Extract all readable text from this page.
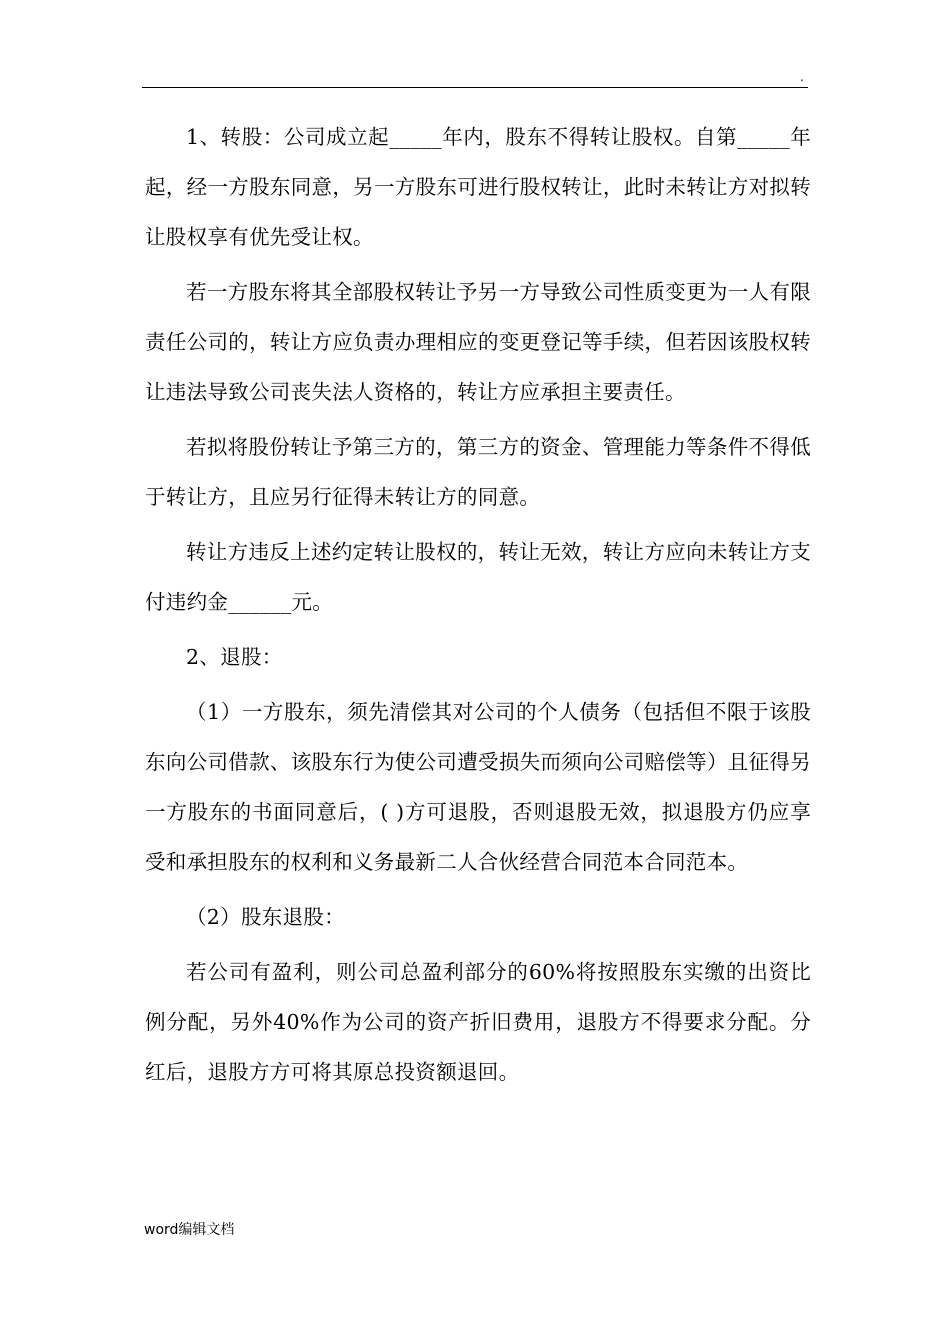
.

1、转股：公司成立起_____年内，股东不得转让股权。自第_____年起，经一方股东同意，另一方股东可进行股权转让，此时未转让方对拟转让股权享有优先受让权。

若一方股东将其全部股权转让予另一方导致公司性质变更为一人有限责任公司的，转让方应负责办理相应的变更登记等手续，但若因该股权转让违法导致公司丧失法人资格的，转让方应承担主要责任。

若拟将股份转让予第三方的，第三方的资金、管理能力等条件不得低于转让方，且应另行征得未转让方的同意。

转让方违反上述约定转让股权的，转让无效，转让方应向未转让方支付违约金______元。

2、退股：

（1）一方股东，须先清偿其对公司的个人债务（包括但不限于该股东向公司借款、该股东行为使公司遭受损失而须向公司赔偿等）且征得另一方股东的书面同意后，( )方可退股，否则退股无效，拟退股方仍应享受和承担股东的权利和义务最新二人合伙经营合同范本合同范本。

（2）股东退股：

若公司有盈利，则公司总盈利部分的60%将按照股东实缴的出资比例分配，另外40%作为公司的资产折旧费用，退股方不得要求分配。分红后，退股方方可将其原总投资额退回。

word编辑文档
